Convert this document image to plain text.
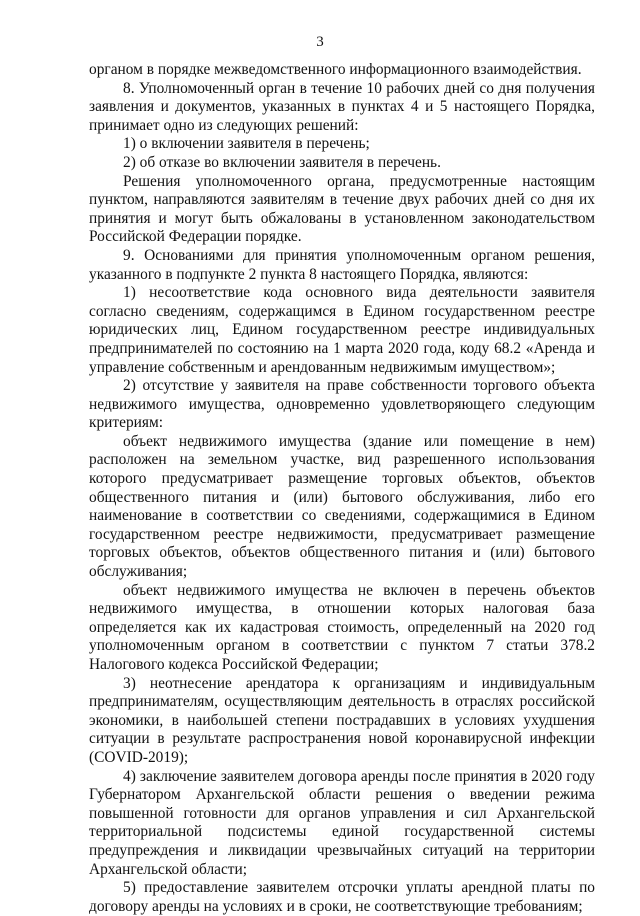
3

органом в порядке межведомственного информационного взаимодействия.

8. Уполномоченный орган в течение 10 рабочих дней со дня получения заявления и документов, указанных в пунктах 4 и 5 настоящего Порядка, принимает одно из следующих решений:

1) о включении заявителя в перечень;

2) об отказе во включении заявителя в перечень.

Решения уполномоченного органа, предусмотренные настоящим пунктом, направляются заявителям в течение двух рабочих дней со дня их принятия и могут быть обжалованы в установленном законодательством Российской Федерации порядке.

9. Основаниями для принятия уполномоченным органом решения, указанного в подпункте 2 пункта 8 настоящего Порядка, являются:

1) несоответствие кода основного вида деятельности заявителя согласно сведениям, содержащимся в Едином государственном реестре юридических лиц, Едином государственном реестре индивидуальных предпринимателей по состоянию на 1 марта 2020 года, коду 68.2 «Аренда и управление собственным и арендованным недвижимым имуществом»;

2) отсутствие у заявителя на праве собственности торгового объекта недвижимого имущества, одновременно удовлетворяющего следующим критериям:

объект недвижимого имущества (здание или помещение в нем) расположен на земельном участке, вид разрешенного использования которого предусматривает размещение торговых объектов, объектов общественного питания и (или) бытового обслуживания, либо его наименование в соответствии со сведениями, содержащимися в Едином государственном реестре недвижимости, предусматривает размещение торговых объектов, объектов общественного питания и (или) бытового обслуживания;

объект недвижимого имущества не включен в перечень объектов недвижимого имущества, в отношении которых налоговая база определяется как их кадастровая стоимость, определенный на 2020 год уполномоченным органом в соответствии с пунктом 7 статьи 378.2 Налогового кодекса Российской Федерации;

3) неотнесение арендатора к организациям и индивидуальным предпринимателям, осуществляющим деятельность в отраслях российской экономики, в наибольшей степени пострадавших в условиях ухудшения ситуации в результате распространения новой коронавирусной инфекции (COVID-2019);

4) заключение заявителем договора аренды после принятия в 2020 году Губернатором Архангельской области решения о введении режима повышенной готовности для органов управления и сил Архангельской территориальной подсистемы единой государственной системы предупреждения и ликвидации чрезвычайных ситуаций на территории Архангельской области;

5) предоставление заявителем отсрочки уплаты арендной платы по договору аренды на условиях и в сроки, не соответствующие требованиям;
